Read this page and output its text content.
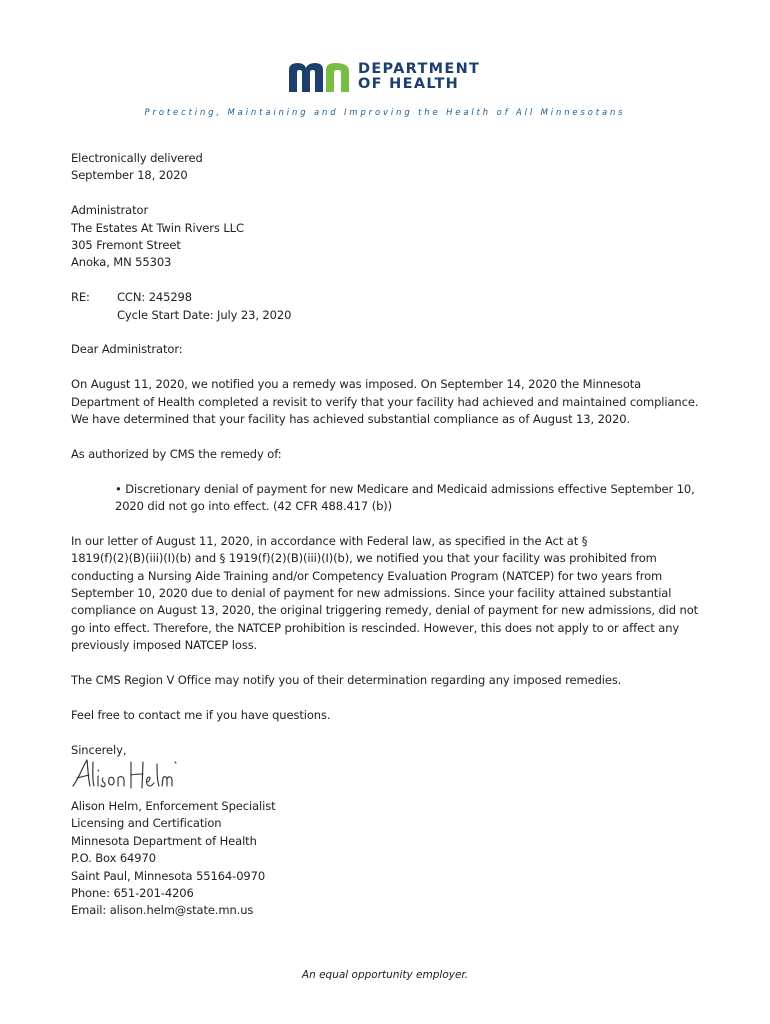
DEPARTMENT
OF HEALTH
Protecting, Maintaining and Improving the Health of All Minnesotans
Electronically delivered
September 18, 2020
Administrator
The Estates At Twin Rivers LLC
305 Fremont Street
Anoka, MN 55303
RE:	CCN: 245298
Cycle Start Date: July 23, 2020
Dear Administrator:
On August 11, 2020, we notified you a remedy was imposed. On September 14, 2020 the Minnesota
Department of Health completed a revisit to verify that your facility had achieved and maintained compliance.
We have determined that your facility has achieved substantial compliance as of August 13, 2020.
As authorized by CMS the remedy of:
• Discretionary denial of payment for new Medicare and Medicaid admissions effective September 10,
2020 did not go into effect. (42 CFR 488.417 (b))
In our letter of August 11, 2020, in accordance with Federal law, as specified in the Act at §
1819(f)(2)(B)(iii)(I)(b) and § 1919(f)(2)(B)(iii)(I)(b), we notified you that your facility was prohibited from
conducting a Nursing Aide Training and/or Competency Evaluation Program (NATCEP) for two years from
September 10, 2020 due to denial of payment for new admissions. Since your facility attained substantial
compliance on August 13, 2020, the original triggering remedy, denial of payment for new admissions, did not
go into effect. Therefore, the NATCEP prohibition is rescinded. However, this does not apply to or affect any
previously imposed NATCEP loss.
The CMS Region V Office may notify you of their determination regarding any imposed remedies.
Feel free to contact me if you have questions.
Sincerely,
Alison Helm, Enforcement Specialist
Licensing and Certification
Minnesota Department of Health
P.O. Box 64970
Saint Paul, Minnesota 55164-0970
Phone: 651-201-4206
Email: alison.helm@state.mn.us
An equal opportunity employer.
